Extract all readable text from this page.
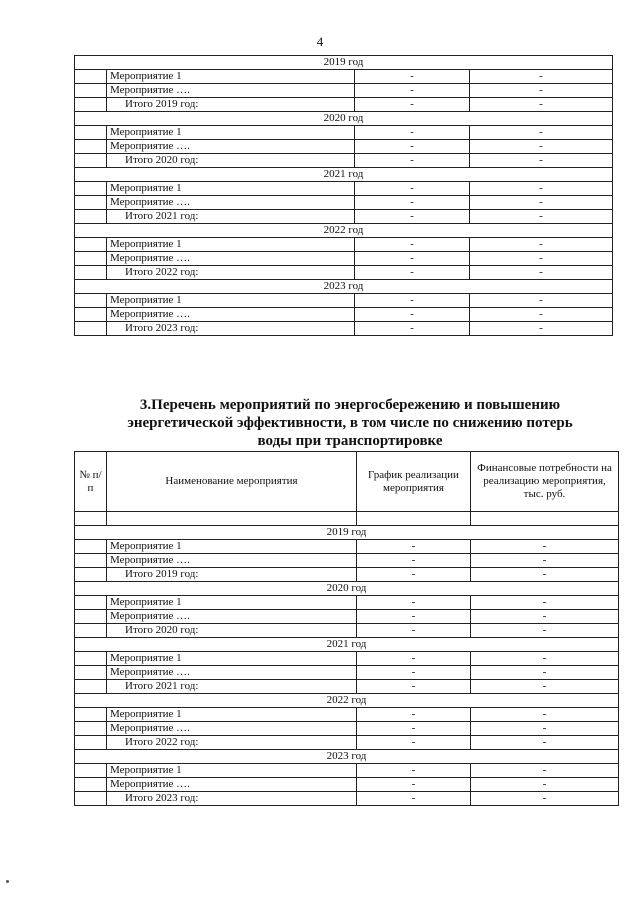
4
2019 год			
	Мероприятие 1	-	-
	Мероприятие ….	-	-
	Итого 2019 год:	-	-
2020 год			
	Мероприятие 1	-	-
	Мероприятие ….	-	-
	Итого 2020 год:	-	-
2021 год			
	Мероприятие 1	-	-
	Мероприятие ….	-	-
	Итого 2021 год:	-	-
2022 год			
	Мероприятие 1	-	-
	Мероприятие ….	-	-
	Итого 2022 год:	-	-
2023 год			
	Мероприятие 1	-	-
	Мероприятие ….	-	-
	Итого 2023 год:	-	-
3.Перечень мероприятий по энергосбережению и повышению энергетической эффективности, в том числе по снижению потерь воды при транспортировке
№ п/п	Наименование мероприятия	График реализации мероприятия	Финансовые потребности на реализацию мероприятия, тыс. руб.

2019 год			
	Мероприятие 1	-	-
	Мероприятие ….	-	-
	Итого 2019 год:	-	-
2020 год			
	Мероприятие 1	-	-
	Мероприятие ….	-	-
	Итого 2020 год:	-	-
2021 год			
	Мероприятие 1	-	-
	Мероприятие ….	-	-
	Итого 2021 год:	-	-
2022 год			
	Мероприятие 1	-	-
	Мероприятие ….	-	-
	Итого 2022 год:	-	-
2023 год			
	Мероприятие 1	-	-
	Мероприятие ….	-	-
	Итого 2023 год:	-	-
